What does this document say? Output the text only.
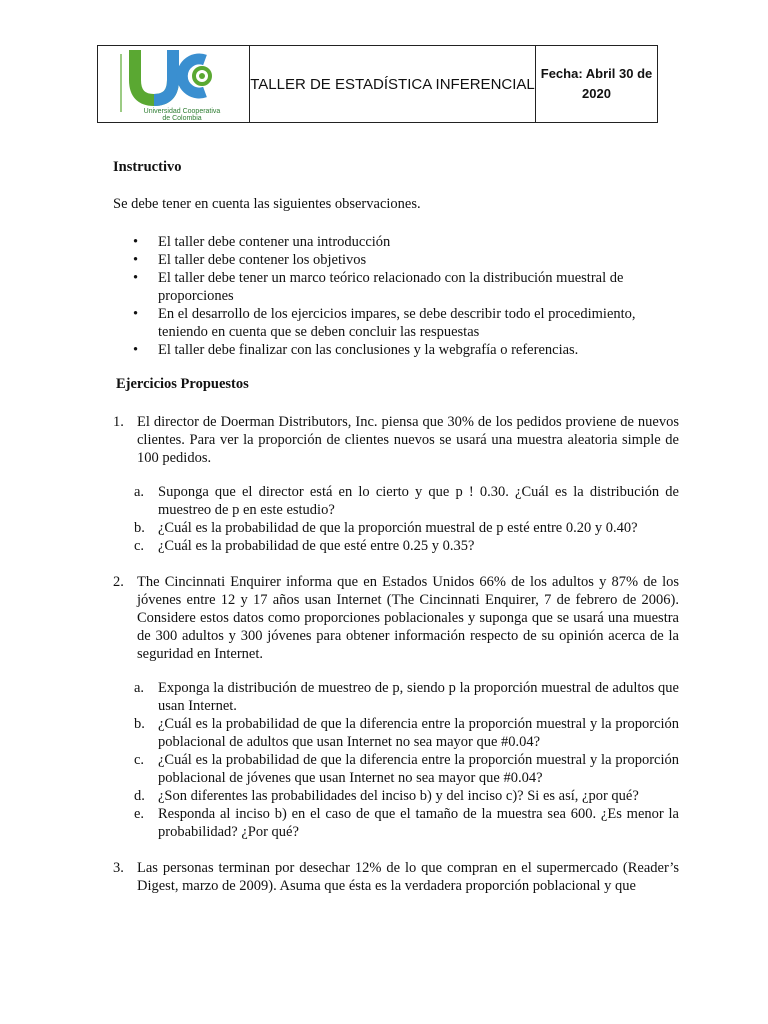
Universidad Cooperativa
de Colombia
TALLER DE ESTADÍSTICA INFERENCIAL
Fecha: Abril 30 de
2020

Instructivo

Se debe tener en cuenta las siguientes observaciones.

• El taller debe contener una introducción
• El taller debe contener los objetivos
• El taller debe tener un marco teórico relacionado con la distribución muestral de proporciones
• En el desarrollo de los ejercicios impares, se debe describir todo el procedimiento, teniendo en cuenta que se deben concluir las respuestas
• El taller debe finalizar con las conclusiones y la webgrafía o referencias.

Ejercicios Propuestos

1. El director de Doerman Distributors, Inc. piensa que 30% de los pedidos proviene de nuevos clientes. Para ver la proporción de clientes nuevos se usará una muestra aleatoria simple de 100 pedidos.
a. Suponga que el director está en lo cierto y que p ! 0.30. ¿Cuál es la distribución de muestreo de p en este estudio?
b. ¿Cuál es la probabilidad de que la proporción muestral de p esté entre 0.20 y 0.40?
c. ¿Cuál es la probabilidad de que esté entre 0.25 y 0.35?
2. The Cincinnati Enquirer informa que en Estados Unidos 66% de los adultos y 87% de los jóvenes entre 12 y 17 años usan Internet (The Cincinnati Enquirer, 7 de febrero de 2006). Considere estos datos como proporciones poblacionales y suponga que se usará una muestra de 300 adultos y 300 jóvenes para obtener información respecto de su opinión acerca de la seguridad en Internet.
a. Exponga la distribución de muestreo de p, siendo p la proporción muestral de adultos que usan Internet.
b. ¿Cuál es la probabilidad de que la diferencia entre la proporción muestral y la proporción poblacional de adultos que usan Internet no sea mayor que #0.04?
c. ¿Cuál es la probabilidad de que la diferencia entre la proporción muestral y la proporción poblacional de jóvenes que usan Internet no sea mayor que #0.04?
d. ¿Son diferentes las probabilidades del inciso b) y del inciso c)? Si es así, ¿por qué?
e. Responda al inciso b) en el caso de que el tamaño de la muestra sea 600. ¿Es menor la probabilidad? ¿Por qué?
3. Las personas terminan por desechar 12% de lo que compran en el supermercado (Reader’s Digest, marzo de 2009). Asuma que ésta es la verdadera proporción poblacional y que
